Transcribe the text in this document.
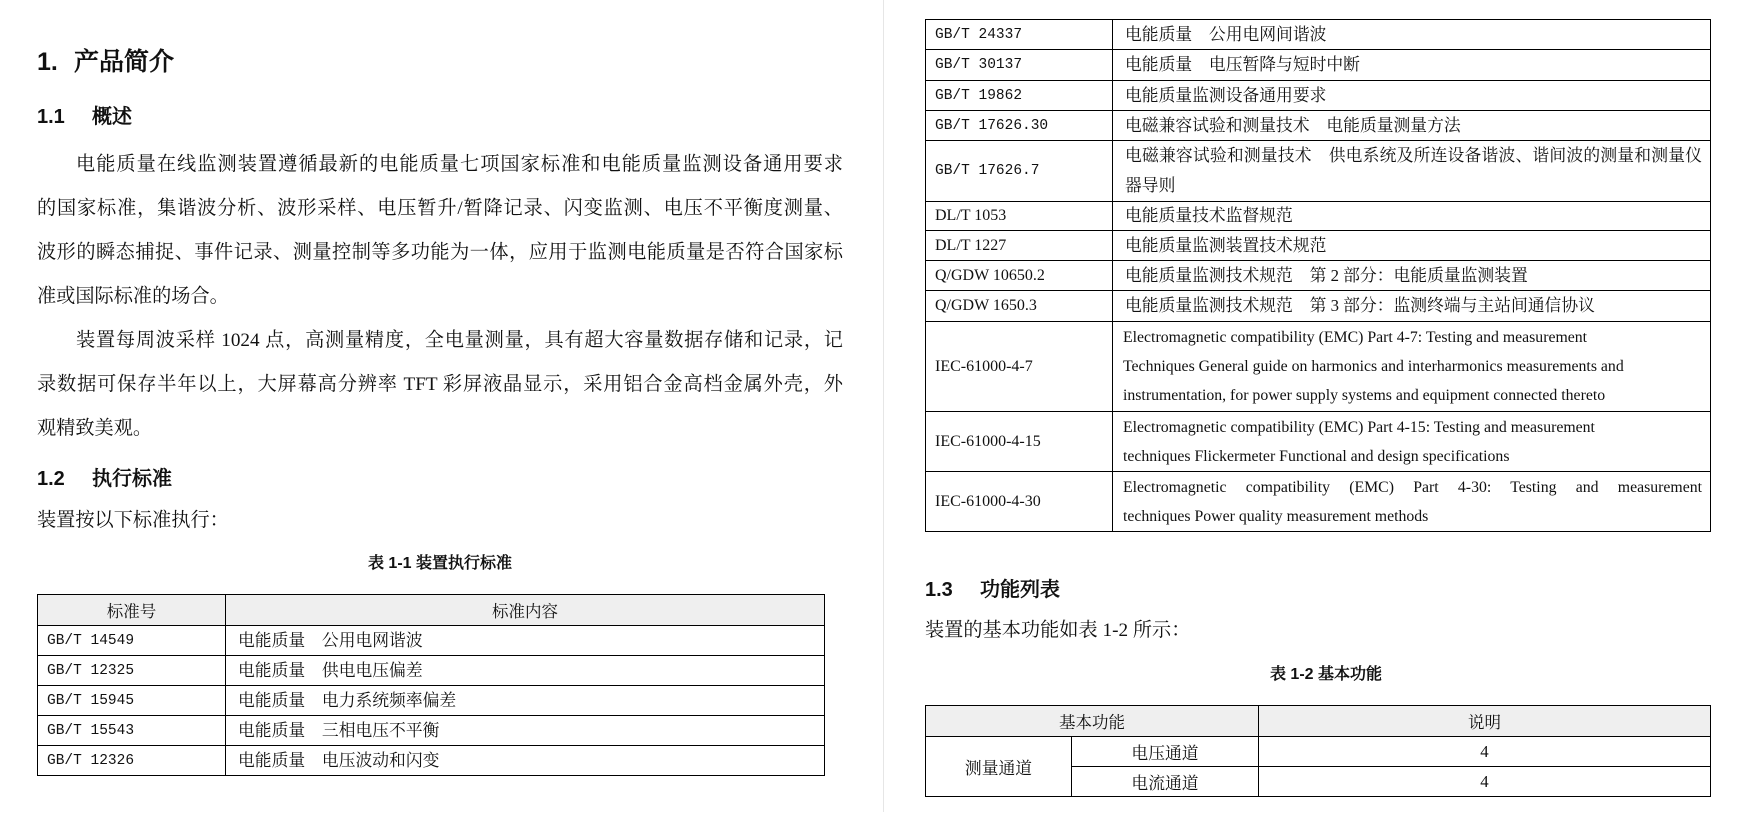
1. 产品简介
1.1 概述

电能质量在线监测装置遵循最新的电能质量七项国家标准和电能质量监测设备通用要求

的国家标准，集谐波分析、波形采样、电压暂升/暂降记录、闪变监测、电压不平衡度测量、

波形的瞬态捕捉、事件记录、测量控制等多功能为一体，应用于监测电能质量是否符合国家标

准或国际标准的场合。

装置每周波采样 1024 点，高测量精度，全电量测量，具有超大容量数据存储和记录，记

录数据可保存半年以上，大屏幕高分辨率 TFT 彩屏液晶显示，采用铝合金高档金属外壳，外

观精致美观。

1.2 执行标准
装置按以下标准执行：
表 1-1 装置执行标准
标准号	标准内容
GB/T 14549	电能质量　公用电网谐波

GB/T 12325	电能质量　供电电压偏差

GB/T 15945	电能质量　电力系统频率偏差

GB/T 15543	电能质量　三相电压不平衡

GB/T 12326	电能质量　电压波动和闪变
GB/T 24337	电能质量　公用电网间谐波

GB/T 30137	电能质量　电压暂降与短时中断

GB/T 19862	电能质量监测设备通用要求

GB/T 17626.30	电磁兼容试验和测量技术　电能质量测量方法

GB/T 17626.7	电磁兼容试验和测量技术　供电系统及所连设备谐波、谐间波的测量和测量仪
器导则

DL/T 1053	电能质量技术监督规范

DL/T 1227	电能质量监测装置技术规范

Q/GDW 10650.2	电能质量监测技术规范　第 2 部分：电能质量监测装置

Q/GDW 1650.3	电能质量监测技术规范　第 3 部分：监测终端与主站间通信协议

IEC-61000-4-7	Electromagnetic compatibility (EMC) Part 4-7: Testing and measurement
Techniques General guide on harmonics and interharmonics measurements and
instrumentation, for power supply systems and equipment connected thereto

IEC-61000-4-15	Electromagnetic compatibility (EMC) Part 4-15: Testing and measurement
techniques Flickermeter Functional and design specifications

IEC-61000-4-30	Electromagnetic compatibility (EMC) Part 4-30: Testing and measurement
techniques Power quality measurement methods
1.3 功能列表
装置的基本功能如表 1-2 所示：
表 1-2 基本功能
基本功能		说明
测量通道	电压通道	4
	电流通道	4
